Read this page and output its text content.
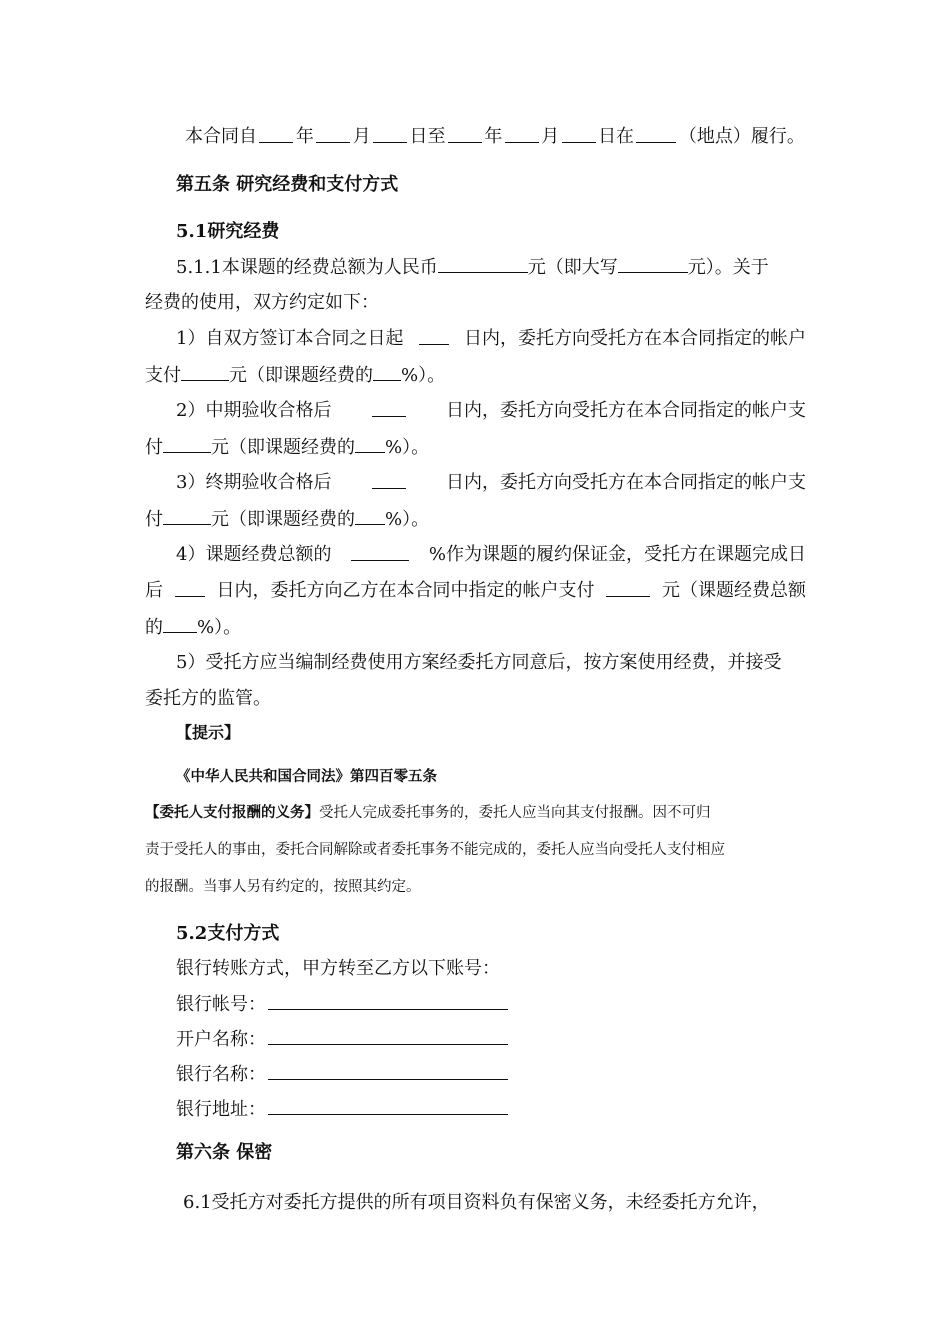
本合同自 年 月 日至 年 月 日在 （地点）履行。
第五条 研究经费和支付方式
5.1研究经费
5.1.1本课题的经费总额为人民币	元（即大写	元）。关于
经费的使用，双方约定如下：
1）自双方签订本合同之日起	日内，委托方向受托方在本合同指定的帐户
支付	元（即课题经费的 %）。
2）中期验收合格后	日内，委托方向受托方在本合同指定的帐户支
付	元（即课题经费的 %）。
3）终期验收合格后	日内，委托方向受托方在本合同指定的帐户支
付	元（即课题经费的 %）。
4）课题经费总额的	%作为课题的履约保证金，受托方在课题完成日
后	日内，委托方向乙方在本合同中指定的帐户支付	元（课题经费总额
的 %）。
5）受托方应当编制经费使用方案经委托方同意后，按方案使用经费，并接受
委托方的监管。
【提示】
《中华人民共和国合同法》第四百零五条
【委托人支付报酬的义务】受托人完成委托事务的，委托人应当向其支付报酬。因不可归
责于受托人的事由，委托合同解除或者委托事务不能完成的，委托人应当向受托人支付相应
的报酬。当事人另有约定的，按照其约定。
5.2支付方式
银行转账方式，甲方转至乙方以下账号：
银行帐号：
开户名称：
银行名称：
银行地址：
第六条 保密
6.1受托方对委托方提供的所有项目资料负有保密义务，未经委托方允许，
